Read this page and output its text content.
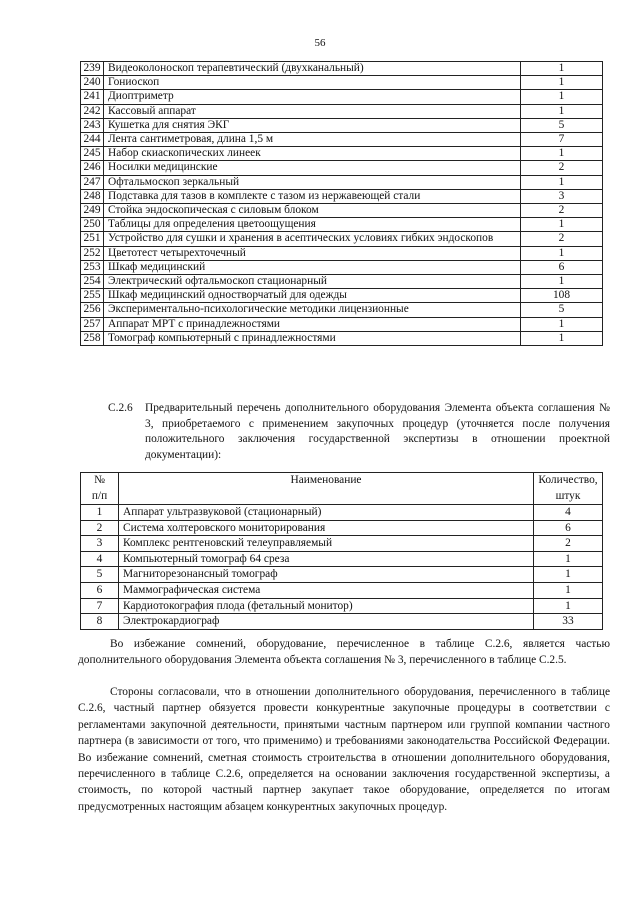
56
239	Видеоколоноскоп терапевтический (двухканальный)	1
240	Гониоскоп	1
241	Диоптриметр	1
242	Кассовый аппарат	1
243	Кушетка для снятия ЭКГ	5
244	Лента сантиметровая, длина 1,5 м	7
245	Набор скиаскопических линеек	1
246	Носилки медицинские	2
247	Офтальмоскоп зеркальный	1
248	Подставка для тазов в комплекте с тазом из нержавеющей стали	3
249	Стойка эндоскопическая с силовым блоком	2
250	Таблицы для определения цветоощущения	1
251	Устройство для сушки и хранения в асептических условиях гибких эндоскопов	2
252	Цветотест четырехточечный	1
253	Шкаф медицинский	6
254	Электрический офтальмоскоп стационарный	1
255	Шкаф медицинский одностворчатый для одежды	108
256	Экспериментально-психологические методики лицензионные	5
257	Аппарат МРТ с принадлежностями	1
258	Томограф компьютерный с принадлежностями	1
С.2.6 Предварительный перечень дополнительного оборудования Элемента объекта соглашения № 3, приобретаемого с применением закупочных процедур (уточняется после получения положительного заключения государственной экспертизы в отношении проектной документации):
№
п/п	Наименование	Количество,
штук
1	Аппарат ультразвуковой (стационарный)	4
2	Система холтеровского мониторирования	6
3	Комплекс рентгеновский телеуправляемый	2
4	Компьютерный томограф 64 среза	1
5	Магниторезонансный томограф	1
6	Маммографическая система	1
7	Кардиотокография плода (фетальный монитор)	1
8	Электрокардиограф	33
Во избежание сомнений, оборудование, перечисленное в таблице С.2.6, является частью дополнительного оборудования Элемента объекта соглашения № 3, перечисленного в таблице С.2.5.
Стороны согласовали, что в отношении дополнительного оборудования, перечисленного в таблице С.2.6, частный партнер обязуется провести конкурентные закупочные процедуры в соответствии с регламентами закупочной деятельности, принятыми частным партнером или группой компании частного партнера (в зависимости от того, что применимо) и требованиями законодательства Российской Федерации. Во избежание сомнений, сметная стоимость строительства в отношении дополнительного оборудования, перечисленного в таблице С.2.6, определяется на основании заключения государственной экспертизы, а стоимость, по которой частный партнер закупает такое оборудование, определяется по итогам предусмотренных настоящим абзацем конкурентных закупочных процедур.
